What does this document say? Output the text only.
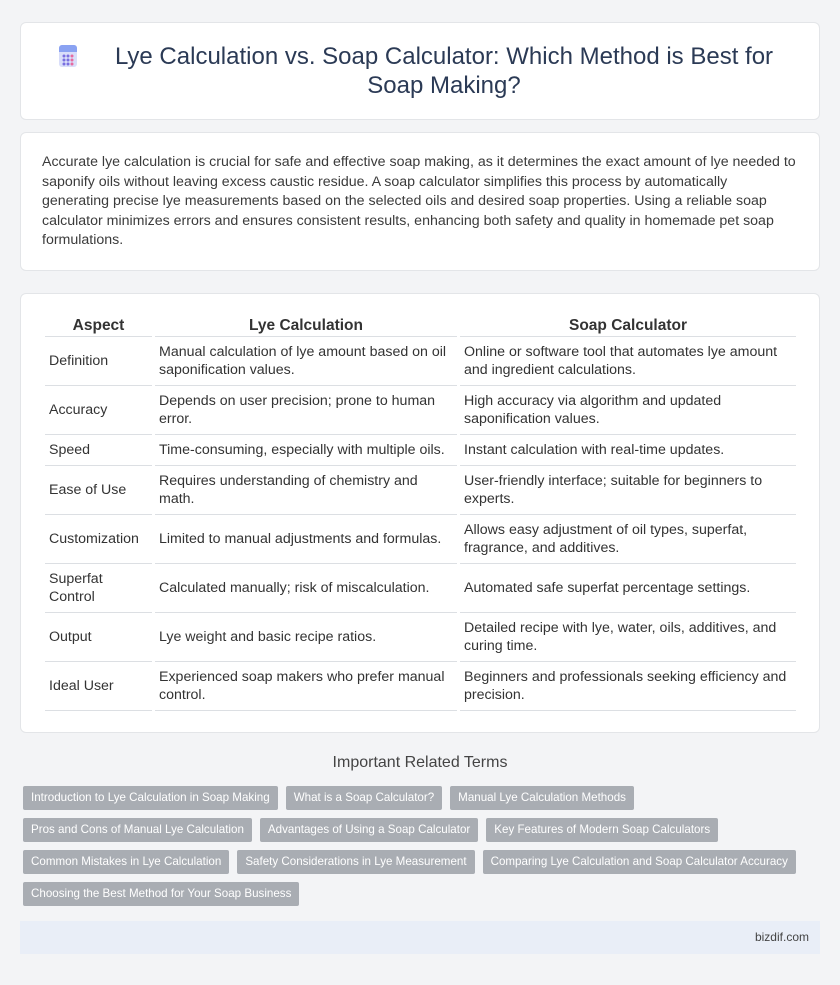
Lye Calculation vs. Soap Calculator: Which Method is Best for Soap Making?

Accurate lye calculation is crucial for safe and effective soap making, as it determines the exact amount of lye needed to saponify oils without leaving excess caustic residue. A soap calculator simplifies this process by automatically generating precise lye measurements based on the selected oils and desired soap properties. Using a reliable soap calculator minimizes errors and ensures consistent results, enhancing both safety and quality in homemade pet soap formulations.

Aspect	Lye Calculation	Soap Calculator
Definition	Manual calculation of lye amount based on oil saponification values.	Online or software tool that automates lye amount and ingredient calculations.
Accuracy	Depends on user precision; prone to human error.	High accuracy via algorithm and updated saponification values.
Speed	Time-consuming, especially with multiple oils.	Instant calculation with real-time updates.
Ease of Use	Requires understanding of chemistry and math.	User-friendly interface; suitable for beginners to experts.
Customization	Limited to manual adjustments and formulas.	Allows easy adjustment of oil types, superfat, fragrance, and additives.
Superfat Control	Calculated manually; risk of miscalculation.	Automated safe superfat percentage settings.
Output	Lye weight and basic recipe ratios.	Detailed recipe with lye, water, oils, additives, and curing time.
Ideal User	Experienced soap makers who prefer manual control.	Beginners and professionals seeking efficiency and precision.
Important Related Terms
Introduction to Lye Calculation in Soap Making	What is a Soap Calculator?	Manual Lye Calculation Methods
Pros and Cons of Manual Lye Calculation	Advantages of Using a Soap Calculator	Key Features of Modern Soap Calculators
Common Mistakes in Lye Calculation	Safety Considerations in Lye Measurement	Comparing Lye Calculation and Soap Calculator Accuracy
Choosing the Best Method for Your Soap Business
bizdif.com
